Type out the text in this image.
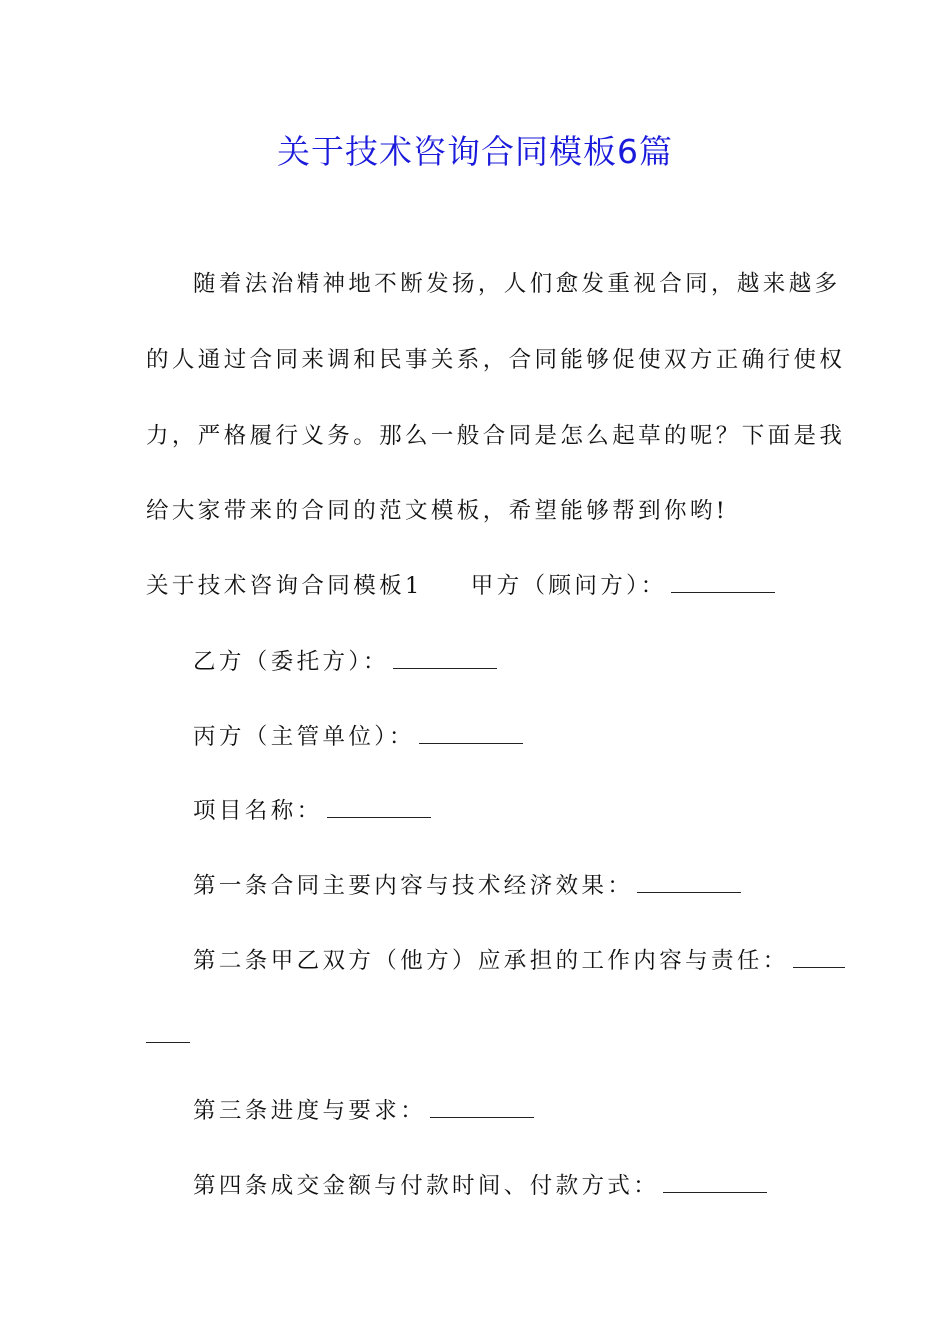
关于技术咨询合同模板6篇
随着法治精神地不断发扬，人们愈发重视合同，越来越多
的人通过合同来调和民事关系，合同能够促使双方正确行使权
力，严格履行义务。那么一般合同是怎么起草的呢？下面是我
给大家带来的合同的范文模板，希望能够帮到你哟!
关于技术咨询合同模板1 甲方（顾问方）：
乙方（委托方）：
丙方（主管单位）：
项目名称：
第一条合同主要内容与技术经济效果：
第二条甲乙双方（他方）应承担的工作内容与责任：
第三条进度与要求：
第四条成交金额与付款时间、付款方式：
